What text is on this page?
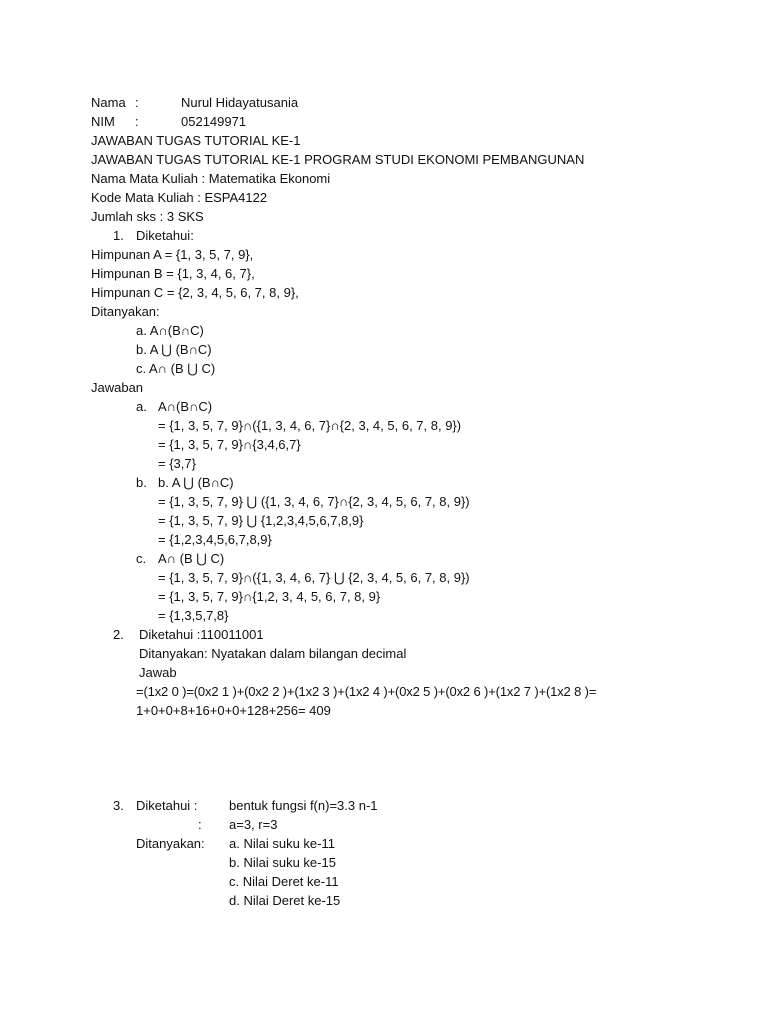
Nama :	Nurul Hidayatusania
NIM :	052149971
JAWABAN TUGAS TUTORIAL KE-1
JAWABAN TUGAS TUTORIAL KE-1 PROGRAM STUDI EKONOMI PEMBANGUNAN
Nama Mata Kuliah : Matematika Ekonomi
Kode Mata Kuliah : ESPA4122
Jumlah sks : 3 SKS
1. Diketahui:
Himpunan A = {1, 3, 5, 7, 9},
Himpunan B = {1, 3, 4, 6, 7},
Himpunan C = {2, 3, 4, 5, 6, 7, 8, 9},
Ditanyakan:
a. A∩(B∩C)
b. A ⋃ (B∩C)
c. A∩ (B ⋃ C)
Jawaban
a. A∩(B∩C)
= {1, 3, 5, 7, 9}∩({1, 3, 4, 6, 7}∩{2, 3, 4, 5, 6, 7, 8, 9})
= {1, 3, 5, 7, 9}∩{3,4,6,7}
= {3,7}
b. b. A ⋃ (B∩C)
= {1, 3, 5, 7, 9} ⋃ ({1, 3, 4, 6, 7}∩{2, 3, 4, 5, 6, 7, 8, 9})
= {1, 3, 5, 7, 9} ⋃ {1,2,3,4,5,6,7,8,9}
= {1,2,3,4,5,6,7,8,9}
c. A∩ (B ⋃ C)
= {1, 3, 5, 7, 9}∩({1, 3, 4, 6, 7} ⋃ {2, 3, 4, 5, 6, 7, 8, 9})
= {1, 3, 5, 7, 9}∩{1,2, 3, 4, 5, 6, 7, 8, 9}
= {1,3,5,7,8}
2. Diketahui :110011001
Ditanyakan: Nyatakan dalam bilangan decimal
Jawab
=(1x2 0 )=(0x2 1 )+(0x2 2 )+(1x2 3 )+(1x2 4 )+(0x2 5 )+(0x2 6 )+(1x2 7 )+(1x2 8 )=
1+0+0+8+16+0+0+128+256= 409
3. Diketahui : bentuk fungsi f(n)=3.3 n-1
: a=3, r=3
Ditanyakan: a. Nilai suku ke-11
b. Nilai suku ke-15
c. Nilai Deret ke-11
d. Nilai Deret ke-15
